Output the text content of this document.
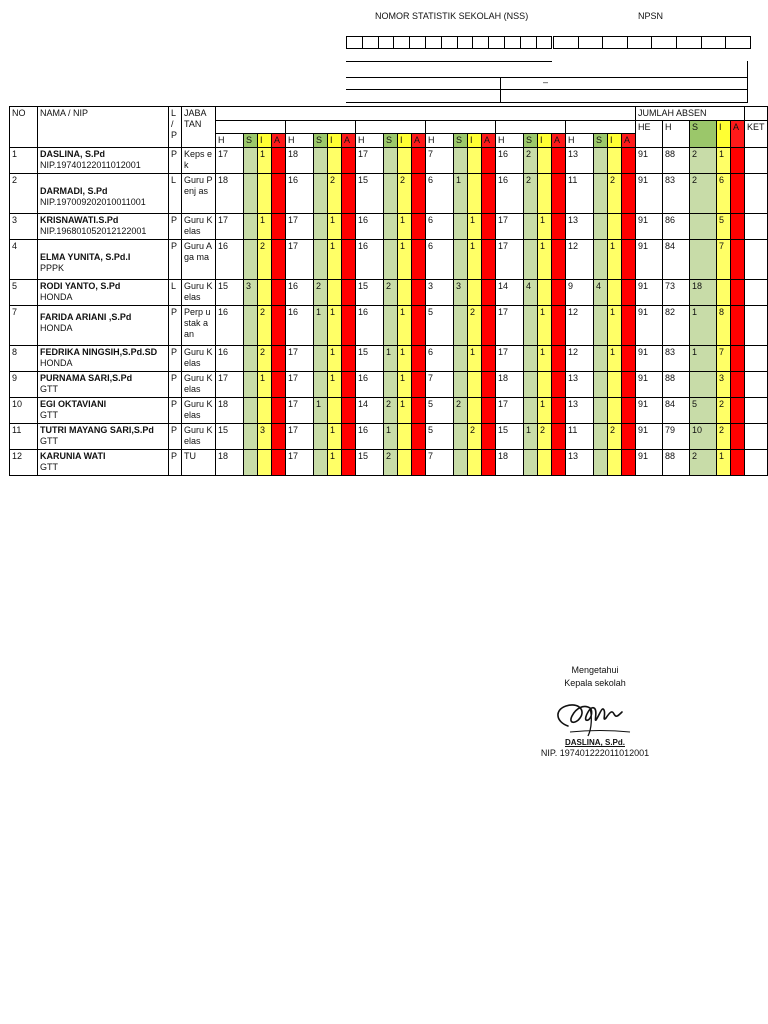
NOMOR STATISTIK SEKOLAH (NSS)	NPSN
–
NO	NAMA / NIP	L / P	JABA TAN																									JUMLAH ABSEN					
																												HE	H	S	I	A	KET
				H	S	I	A	H	S	I	A	H	S	I	A	H	S	I	A	H	S	I	A	H	S	I	A						
1	DASLINA, S.Pd
NIP.19740122011012001	P	Keps ek	17		1		18				17				7				16	2			13				91	88	2	1		
2	DARMADI, S.Pd
NIP.197009202010011001	L	Guru Penj as	18				16		2		15		2		6	1			16	2			11		2		91	83	2	6		
3	KRISNAWATI.S.Pd
NIP.196801052012122001	P	Guru Kelas	17		1		17		1		16		1		6		1		17		1		13				91	86		5		
4	ELMA YUNITA, S.Pd.I
PPPK	P	Guru Aga ma	16		2		17		1		16		1		6		1		17		1		12		1		91	84		7		
5	RODI YANTO, S.Pd
HONDA	L	Guru Kelas	15	3			16	2			15	2			3	3			14	4			9	4			91	73	18			
7	FARIDA ARIANI ,S.Pd
HONDA	P	Perp ustak aan	16		2		16	1	1		16		1		5		2		17		1		12		1		91	82	1	8		
8	FEDRIKA NINGSIH,S.Pd.SD
HONDA	P	Guru Kelas	16		2		17		1		15	1	1		6		1		17		1		12		1		91	83	1	7		
9	PURNAMA SARI,S.Pd
GTT	P	Guru Kelas	17		1		17		1		16		1		7				18				13				91	88		3		
10	EGI OKTAVIANI
GTT	P	Guru Kelas	18				17	1			14	2	1		5	2			17		1		13				91	84	5	2		
11	TUTRI MAYANG SARI,S.Pd
GTT	P	Guru Kelas	15		3		17		1		16	1			5		2		15	1	2		11		2		91	79	10	2		
12	KARUNIA WATI
GTT	P	TU	18				17		1		15	2			7				18				13				91	88	2	1		
Mengetahui
Kepala sekolah
DASLINA, S.Pd.
NIP. 197401222011012001
